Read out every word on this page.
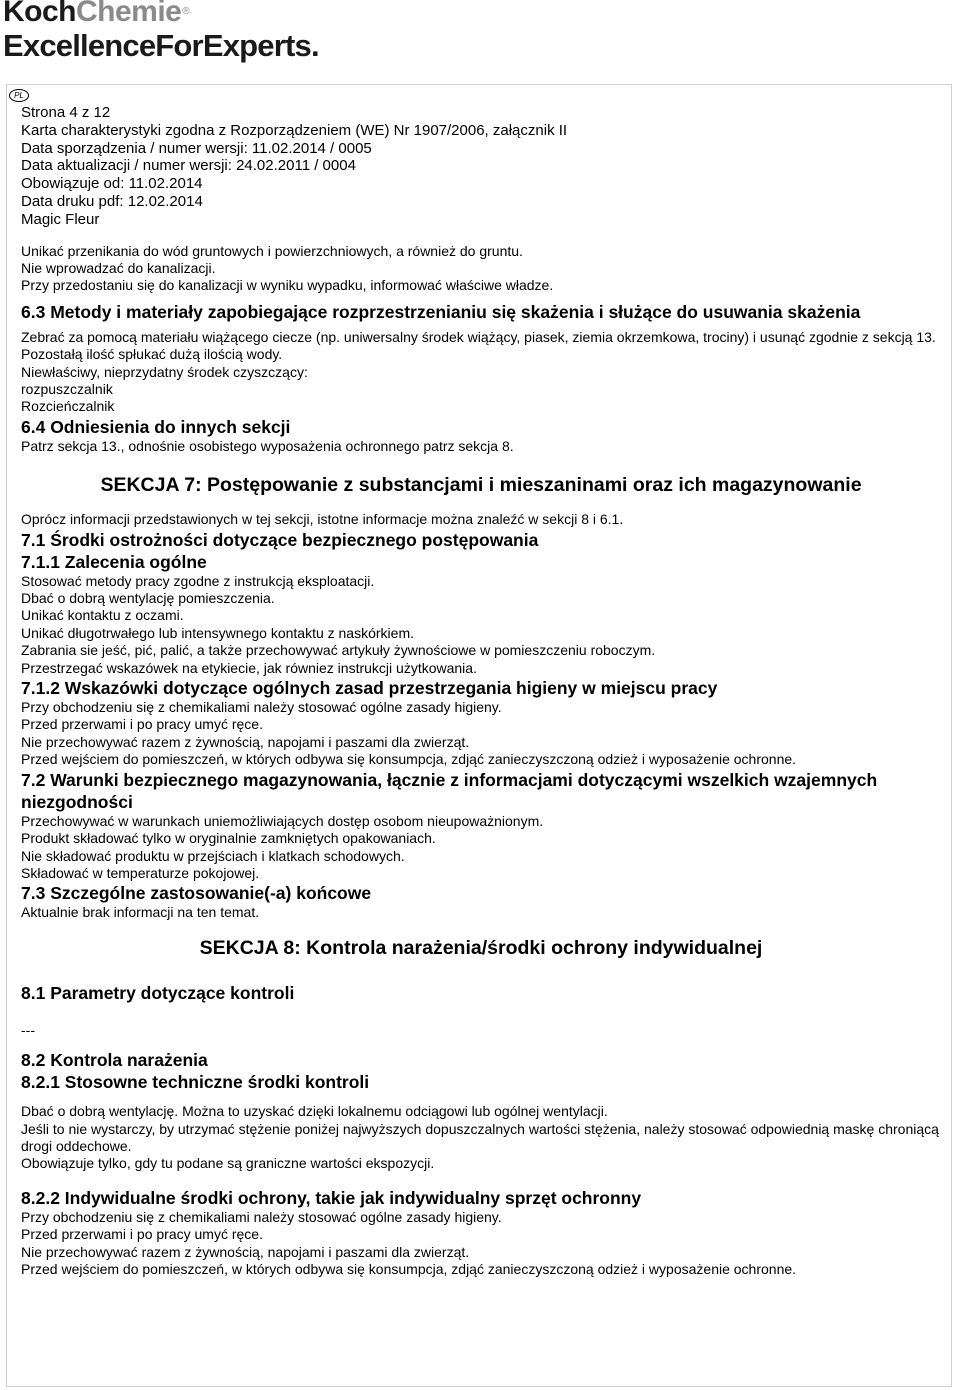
KochChemie®
ExcellenceForExperts.
PL
Strona 4 z 12
Karta charakterystyki zgodna z Rozporządzeniem (WE) Nr 1907/2006, załącznik II
Data sporządzenia / numer wersji: 11.02.2014 / 0005
Data aktualizacji / numer wersji: 24.02.2011 / 0004
Obowiązuje od: 11.02.2014
Data druku pdf: 12.02.2014
Magic Fleur
Unikać przenikania do wód gruntowych i powierzchniowych, a również do gruntu.
Nie wprowadzać do kanalizacji.
Przy przedostaniu się do kanalizacji w wyniku wypadku, informować właściwe władze.
6.3 Metody i materiały zapobiegające rozprzestrzenianiu się skażenia i służące do usuwania skażenia
Zebrać za pomocą materiału wiążącego ciecze (np. uniwersalny środek wiążący, piasek, ziemia okrzemkowa, trociny) i usunąć zgodnie z sekcją 13.
Pozostałą ilość spłukać dużą ilością wody.
Niewłaściwy, nieprzydatny środek czyszczący:
rozpuszczalnik
Rozcieńczalnik
6.4 Odniesienia do innych sekcji
Patrz sekcja 13., odnośnie osobistego wyposażenia ochronnego patrz sekcja 8.
SEKCJA 7: Postępowanie z substancjami i mieszaninami oraz ich magazynowanie
Oprócz informacji przedstawionych w tej sekcji, istotne informacje można znaleźć w sekcji 8 i 6.1.
7.1 Środki ostrożności dotyczące bezpiecznego postępowania
7.1.1 Zalecenia ogólne
Stosować metody pracy zgodne z instrukcją eksploatacji.
Dbać o dobrą wentylację pomieszczenia.
Unikać kontaktu z oczami.
Unikać długotrwałego lub intensywnego kontaktu z naskórkiem.
Zabrania sie jeść, pić, palić, a także przechowywać artykuły żywnościowe w pomieszczeniu roboczym.
Przestrzegać wskazówek na etykiecie, jak równiez instrukcji użytkowania.
7.1.2 Wskazówki dotyczące ogólnych zasad przestrzegania higieny w miejscu pracy
Przy obchodzeniu się z chemikaliami należy stosować ogólne zasady higieny.
Przed przerwami i po pracy umyć ręce.
Nie przechowywać razem z żywnością, napojami i paszami dla zwierząt.
Przed wejściem do pomieszczeń, w których odbywa się konsumpcja, zdjąć zanieczyszczoną odzież i wyposażenie ochronne.
7.2 Warunki bezpiecznego magazynowania, łącznie z informacjami dotyczącymi wszelkich wzajemnych niezgodności
Przechowywać w warunkach uniemożliwiających dostęp osobom nieupoważnionym.
Produkt składować tylko w oryginalnie zamkniętych opakowaniach.
Nie składować produktu w przejściach i klatkach schodowych.
Składować w temperaturze pokojowej.
7.3 Szczególne zastosowanie(-a) końcowe
Aktualnie brak informacji na ten temat.
SEKCJA 8: Kontrola narażenia/środki ochrony indywidualnej
8.1 Parametry dotyczące kontroli
---
8.2 Kontrola narażenia
8.2.1 Stosowne techniczne środki kontroli
Dbać o dobrą wentylację. Można to uzyskać dzięki lokalnemu odciągowi lub ogólnej wentylacji.
Jeśli to nie wystarczy, by utrzymać stężenie poniżej najwyższych dopuszczalnych wartości stężenia, należy stosować odpowiednią maskę chroniącą drogi oddechowe.
Obowiązuje tylko, gdy tu podane są graniczne wartości ekspozycji.
8.2.2 Indywidualne środki ochrony, takie jak indywidualny sprzęt ochronny
Przy obchodzeniu się z chemikaliami należy stosować ogólne zasady higieny.
Przed przerwami i po pracy umyć ręce.
Nie przechowywać razem z żywnością, napojami i paszami dla zwierząt.
Przed wejściem do pomieszczeń, w których odbywa się konsumpcja, zdjąć zanieczyszczoną odzież i wyposażenie ochronne.
